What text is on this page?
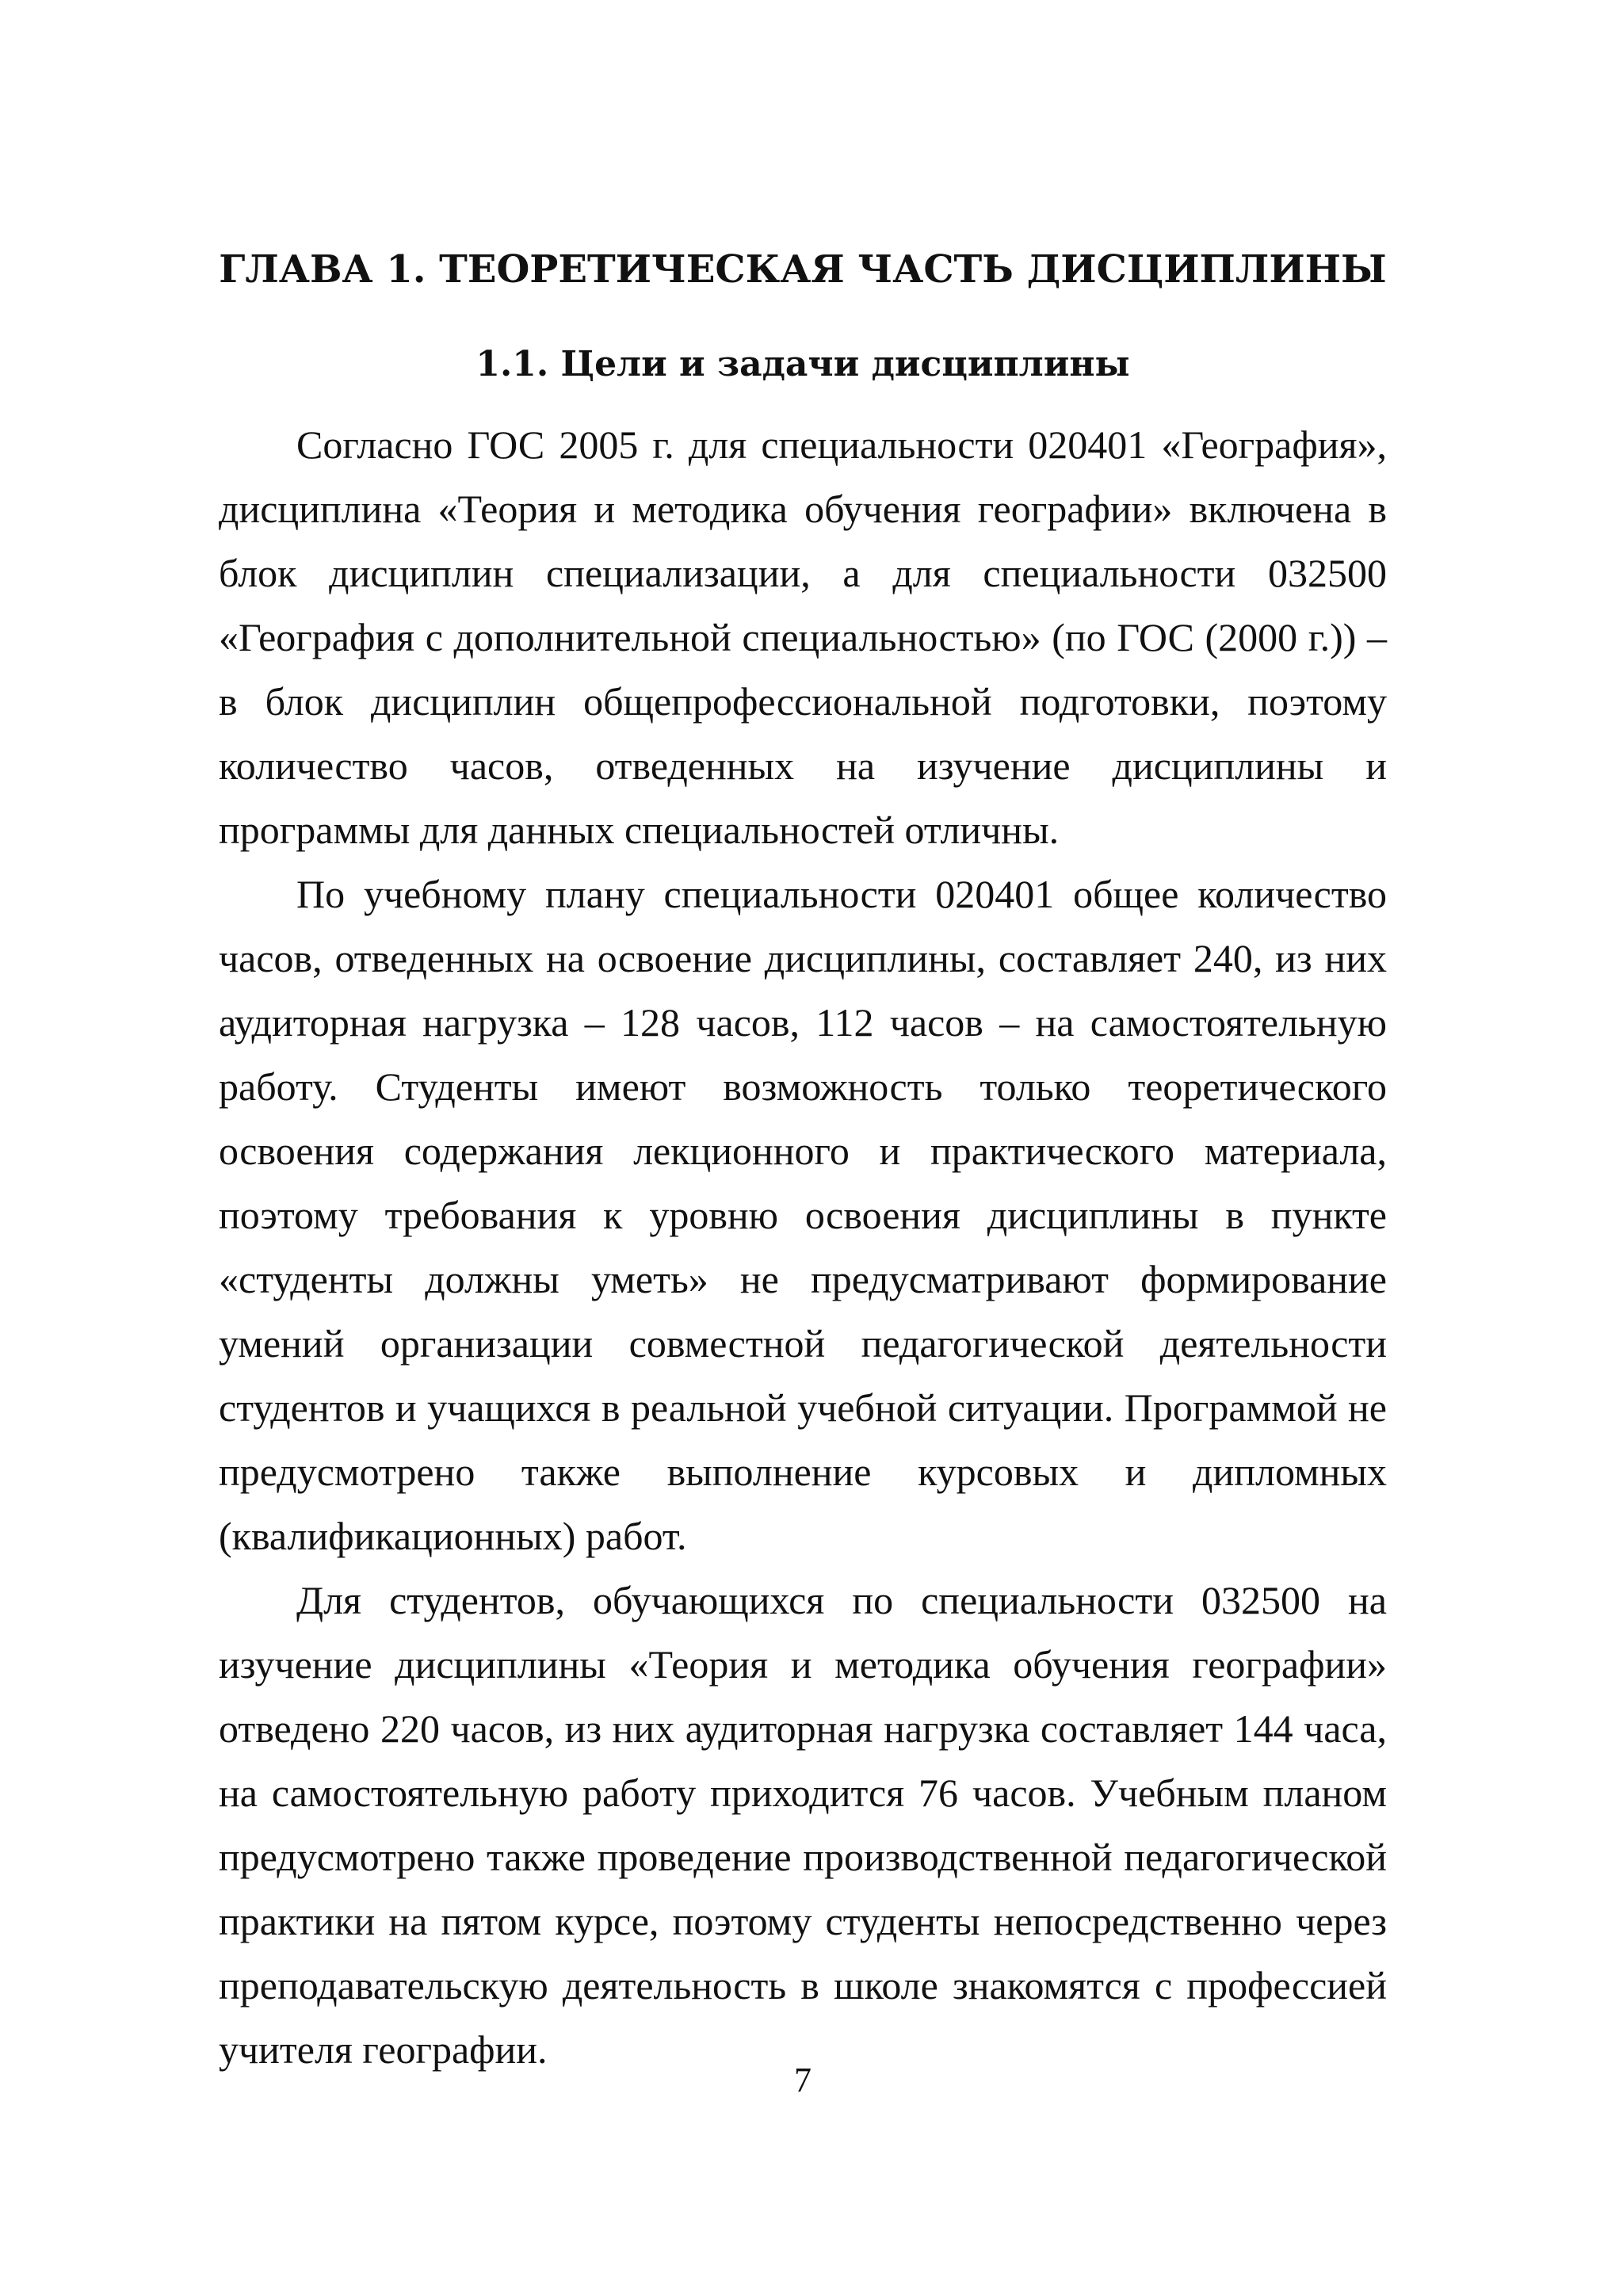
ГЛАВА 1. ТЕОРЕТИЧЕСКАЯ ЧАСТЬ ДИСЦИПЛИНЫ
1.1. Цели и задачи дисциплины

Согласно ГОС 2005 г. для специальности 020401 «География», дисциплина «Теория и методика обучения географии» включена в блок дисциплин специализации, а для специальности 032500 «География с дополнительной специальностью» (по ГОС (2000 г.)) – в блок дисциплин общепрофессиональной подготовки, поэтому количество часов, отведенных на изучение дисциплины и программы для данных специальностей отличны.

По учебному плану специальности 020401 общее количество часов, отведенных на освоение дисциплины, составляет 240, из них аудиторная нагрузка – 128 часов, 112 часов – на самостоятельную работу. Студенты имеют возможность только теоретического освоения содержания лекционного и практического материала, поэтому требования к уровню освоения дисциплины в пункте «студенты должны уметь» не предусматривают формирование умений организации совместной педагогической деятельности студентов и учащихся в реальной учебной ситуации. Программой не предусмотрено также выполнение курсовых и дипломных (квалификационных) работ.

Для студентов, обучающихся по специальности 032500 на изучение дисциплины «Теория и методика обучения географии» отведено 220 часов, из них аудиторная нагрузка составляет 144 часа, на самостоятельную работу приходится 76 часов. Учебным планом предусмотрено также проведение производственной педагогической практики на пятом курсе, поэтому студенты непосредственно через преподавательскую деятельность в школе знакомятся с профессией учителя географии.

7
